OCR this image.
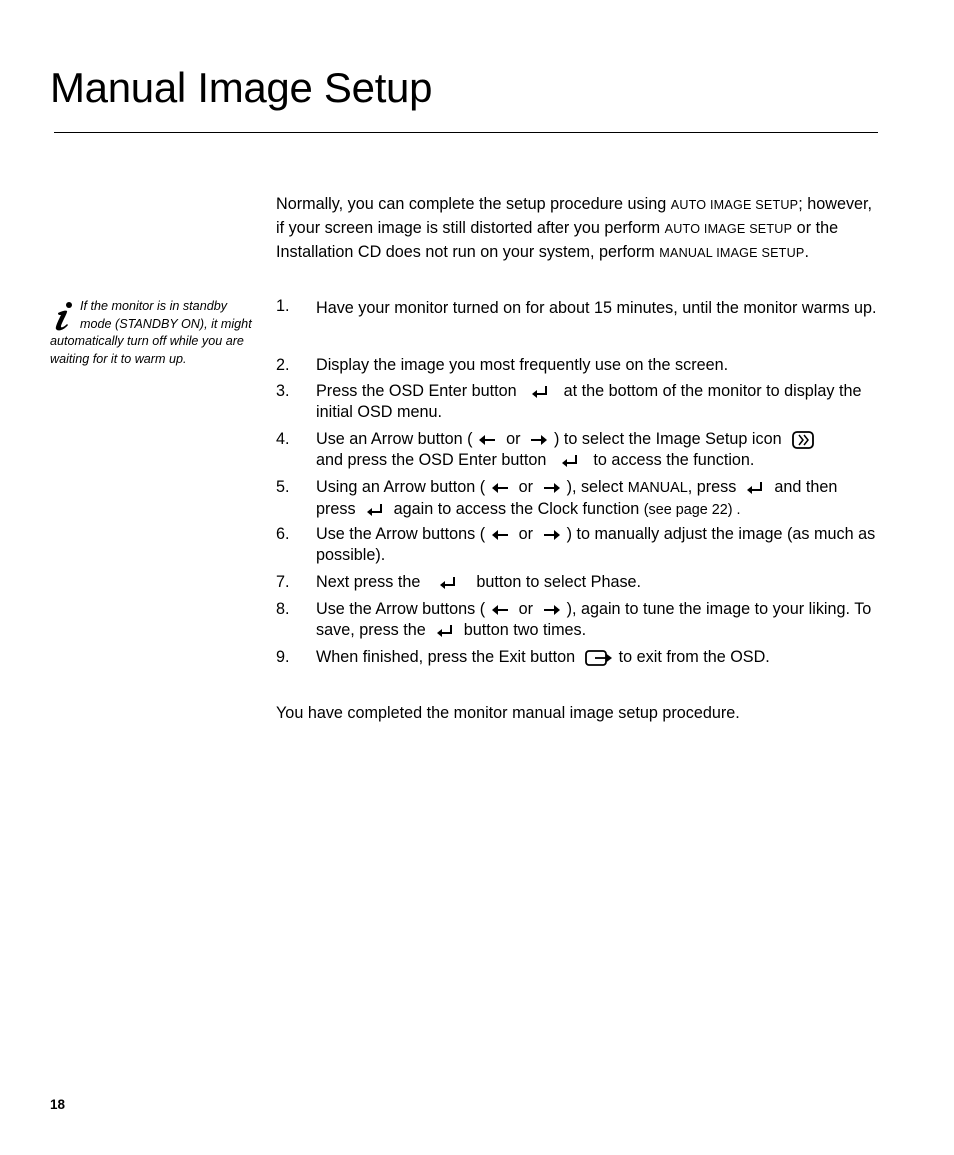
Manual Image Setup

Normally, you can complete the setup procedure using AUTO IMAGE SETUP; however, if your screen image is still distorted after you perform AUTO IMAGE SETUP or the Installation CD does not run on your system, perform MANUAL IMAGE SETUP.

If the monitor is in standby mode (STANDBY ON), it might automatically turn off while you are waiting for it to warm up.
1.	Have your monitor turned on for about 15 minutes, until the monitor warms up.
2.	Display the image you most frequently use on the screen.
3.	Press the OSD Enter button	at the bottom of the monitor to display the initial OSD menu.
4.	Use an Arrow button ( or ) to select the Image Setup icon
and press the OSD Enter button	to access the function.
5.	Using an Arrow button ( or ), select MANUAL, press and then press again to access the Clock function (see page 22) .
6.	Use the Arrow buttons ( or ) to manually adjust the image (as much as possible).
7.	Next press the	button to select Phase.
8.	Use the Arrow buttons ( or ), again to tune the image to your liking. To save, press the button two times.
9.	When finished, press the Exit button	to exit from the OSD.

You have completed the monitor manual image setup procedure.

18
